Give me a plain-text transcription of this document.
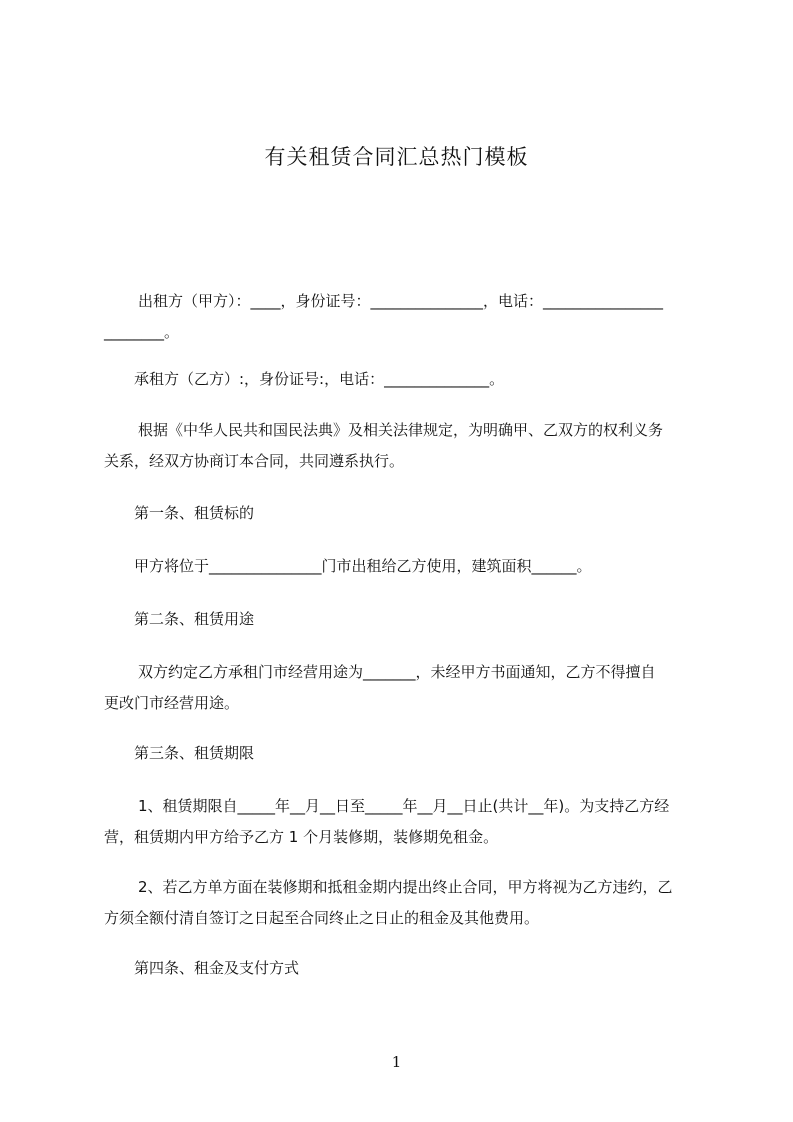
有关租赁合同汇总热门模板

出租方（甲方）：____，身份证号：_______________，电话：________________
________。

承租方（乙方）:，身份证号:，电话：______________。

根据《中华人民共和国民法典》及相关法律规定，为明确甲、乙双方的权利义务
关系，经双方协商订本合同，共同遵系执行。

第一条、租赁标的

甲方将位于_______________门市出租给乙方使用，建筑面积______。

第二条、租赁用途

双方约定乙方承租门市经营用途为_______，未经甲方书面通知，乙方不得擅自
更改门市经营用途。

第三条、租赁期限

1、租赁期限自_____年__月__日至_____年__月__日止(共计__年)。为支持乙方经
营，租赁期内甲方给予乙方 1 个月装修期，装修期免租金。

2、若乙方单方面在装修期和抵租金期内提出终止合同，甲方将视为乙方违约，乙
方须全额付清自签订之日起至合同终止之日止的租金及其他费用。

第四条、租金及支付方式

1
